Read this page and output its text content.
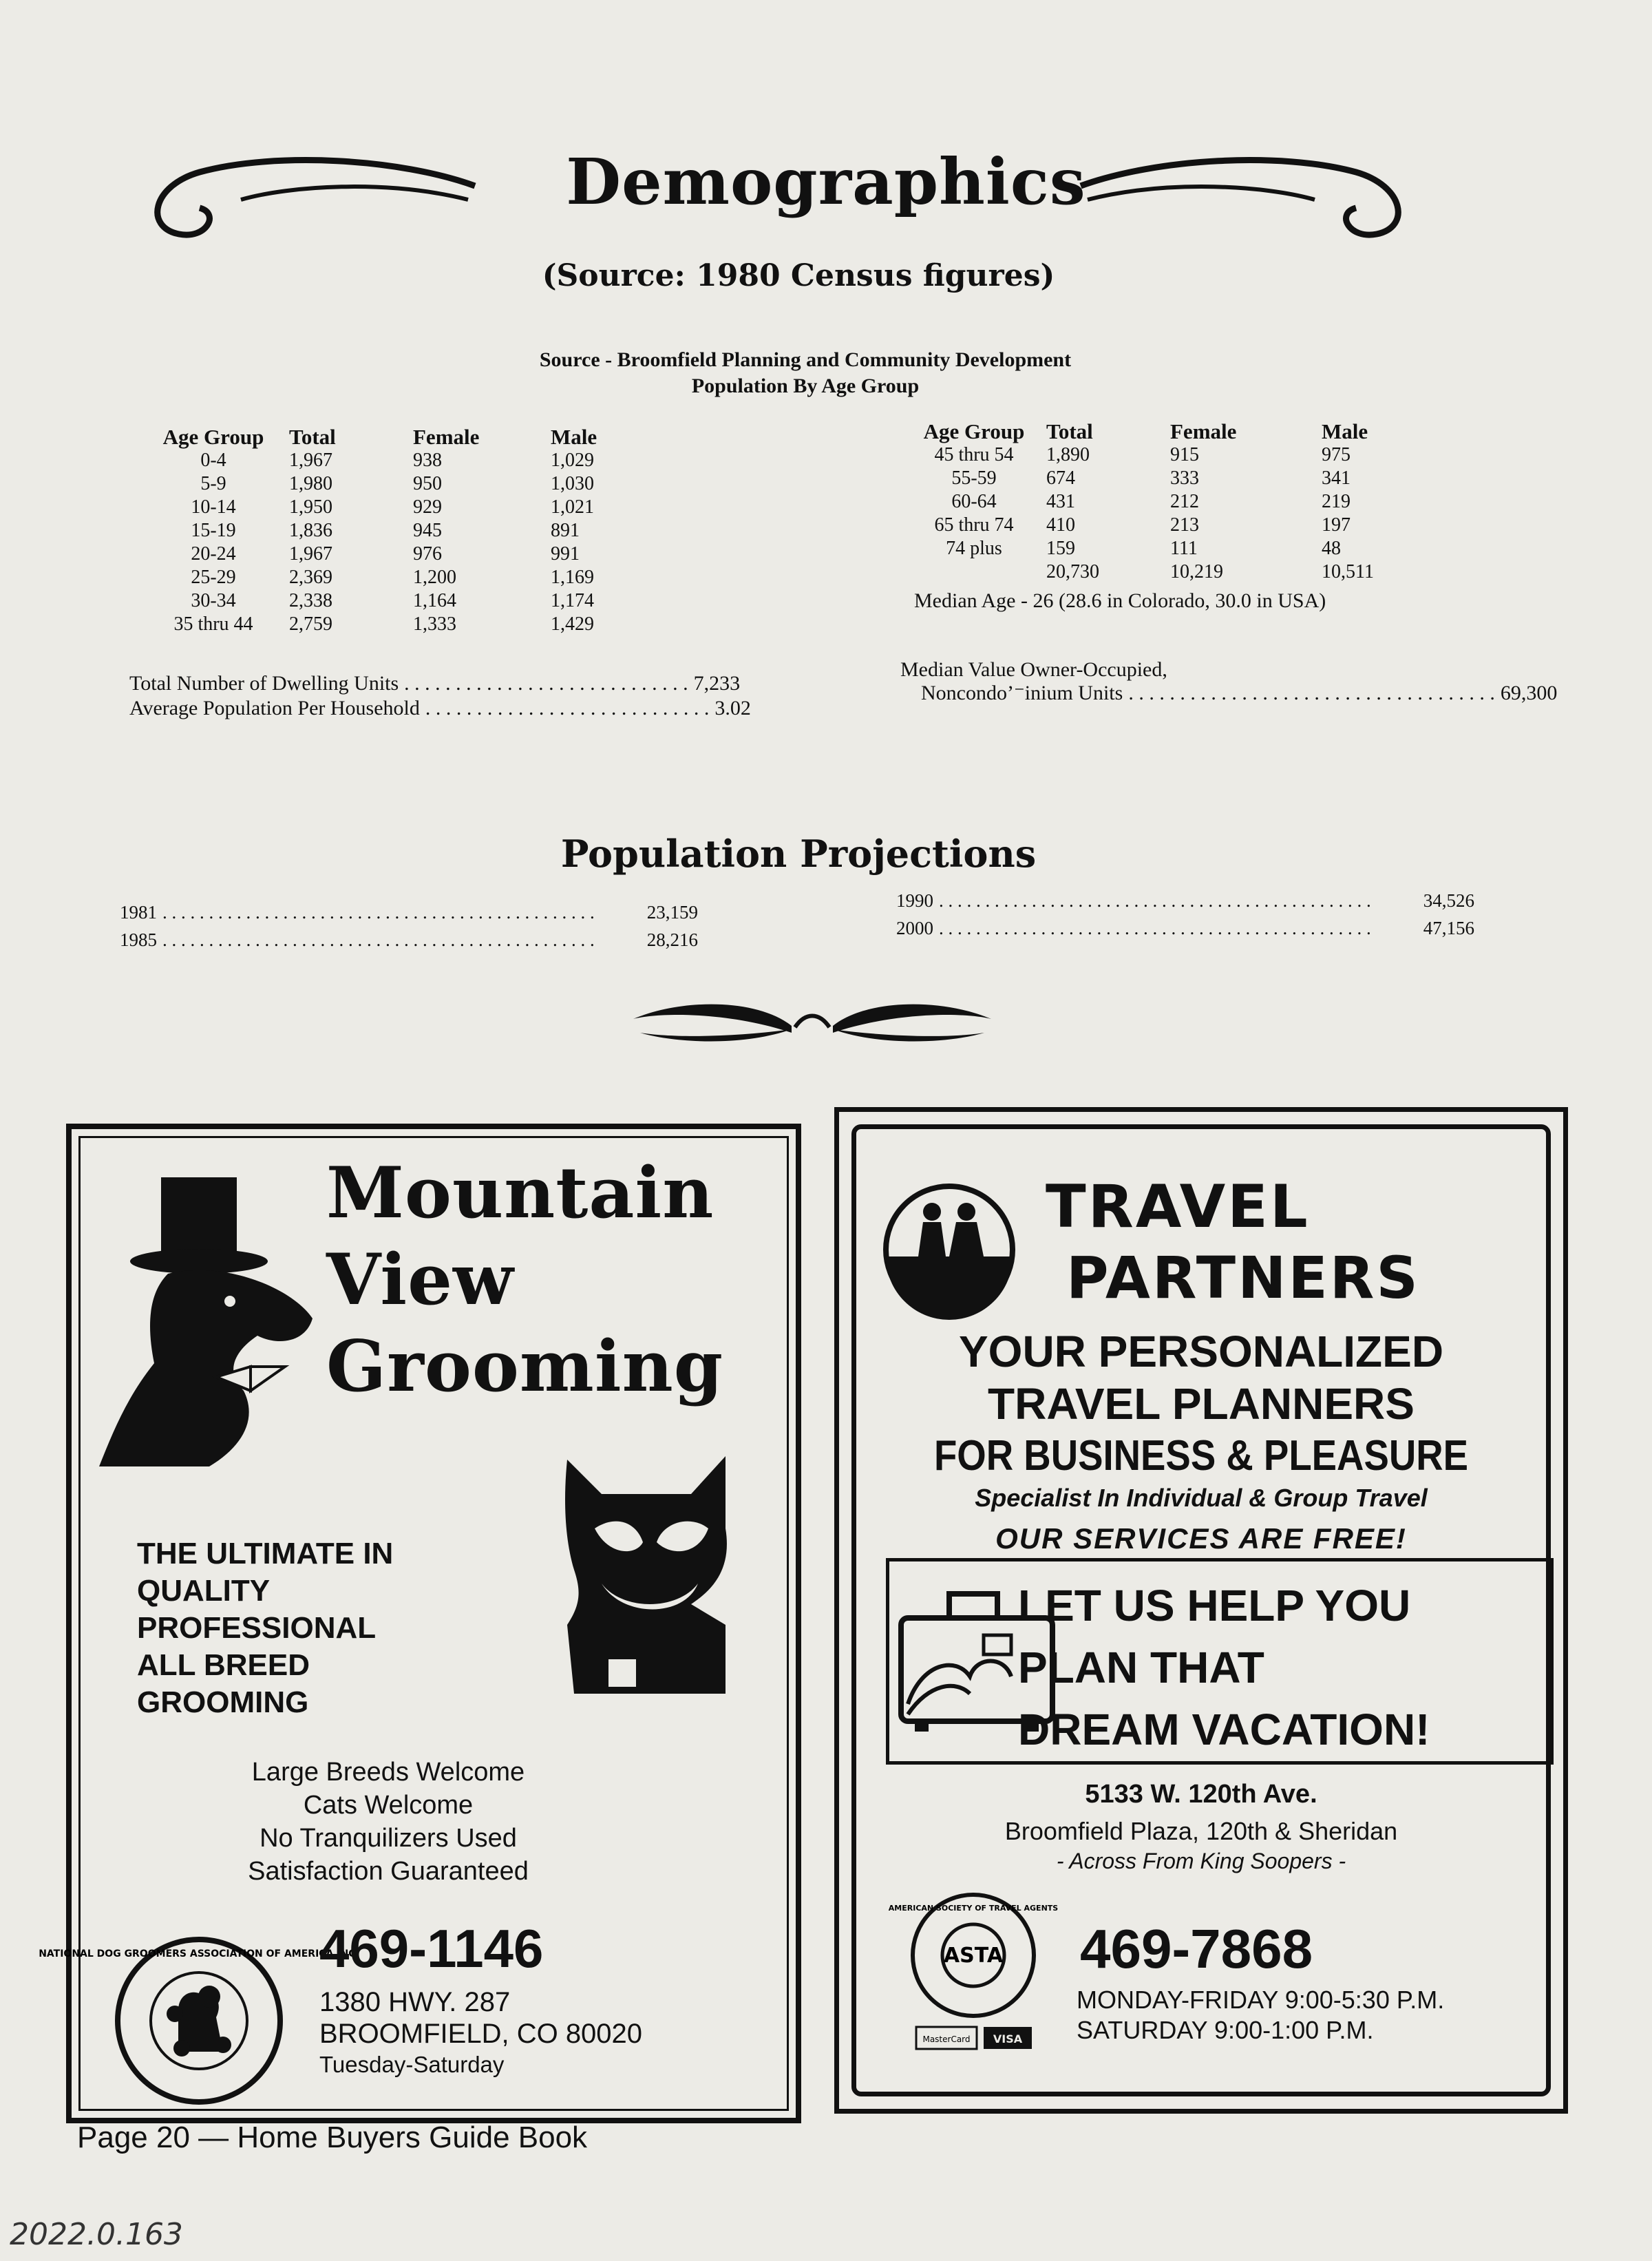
Demographics
(Source: 1980 Census figures)
Source - Broomfield Planning and Community Development
Population By Age Group
Age Group	Total	Female	Male
0-4	1,967	938	1,029
5-9	1,980	950	1,030
10-14	1,950	929	1,021
15-19	1,836	945	891
20-24	1,967	976	991
25-29	2,369	1,200	1,169
30-34	2,338	1,164	1,174
35 thru 44	2,759	1,333	1,429
Age Group	Total	Female	Male
45 thru 54	1,890	915	975
55-59	674	333	341
60-64	431	212	219
65 thru 74	410	213	197
74 plus	159	111	48
	20,730	10,219	10,511
Median Age - 26 (28.6 in Colorado, 30.0 in USA)
Total Number of Dwelling Units . . . . . . . . . . . . . . . . . . . . . . . . . . . . 7,233
Average Population Per Household . . . . . . . . . . . . . . . . . . . . . . . . . . . . 3.02
Median Value Owner-Occupied,
Noncondo’⁻inium Units . . . . . . . . . . . . . . . . . . . . . . . . . . . . . . . . . . . . 69,300
Population Projections
1981 . . . . . . . . . . . . . . . . . . . . . . . . . . . . . . . . . . . . . . . . . . . . . . .	23,159
1985 . . . . . . . . . . . . . . . . . . . . . . . . . . . . . . . . . . . . . . . . . . . . . . .	28,216
1990 . . . . . . . . . . . . . . . . . . . . . . . . . . . . . . . . . . . . . . . . . . . . . . .	34,526
2000 . . . . . . . . . . . . . . . . . . . . . . . . . . . . . . . . . . . . . . . . . . . . . . .	47,156
Mountain
View
Grooming
THE ULTIMATE IN
QUALITY
PROFESSIONAL
ALL BREED
GROOMING
Large Breeds Welcome
Cats Welcome
No Tranquilizers Used
Satisfaction Guaranteed
NATIONAL DOG GROOMERS ASSOCIATION OF AMERICA INC.
469-1146
1380 HWY. 287
BROOMFIELD, CO 80020
Tuesday-Saturday
TRAVEL
PARTNERS
YOUR PERSONALIZED
TRAVEL PLANNERS
FOR BUSINESS & PLEASURE
Specialist In Individual & Group Travel
OUR SERVICES ARE FREE!
LET US HELP YOU
PLAN THAT
DREAM VACATION!
5133 W. 120th Ave.
Broomfield Plaza, 120th & Sheridan
- Across From King Soopers -
ASTA
AMERICAN SOCIETY OF TRAVEL AGENTS
MasterCard VISA
469-7868
MONDAY-FRIDAY 9:00-5:30 P.M.
SATURDAY 9:00-1:00 P.M.
Page 20 — Home Buyers Guide Book
2022.0.163
